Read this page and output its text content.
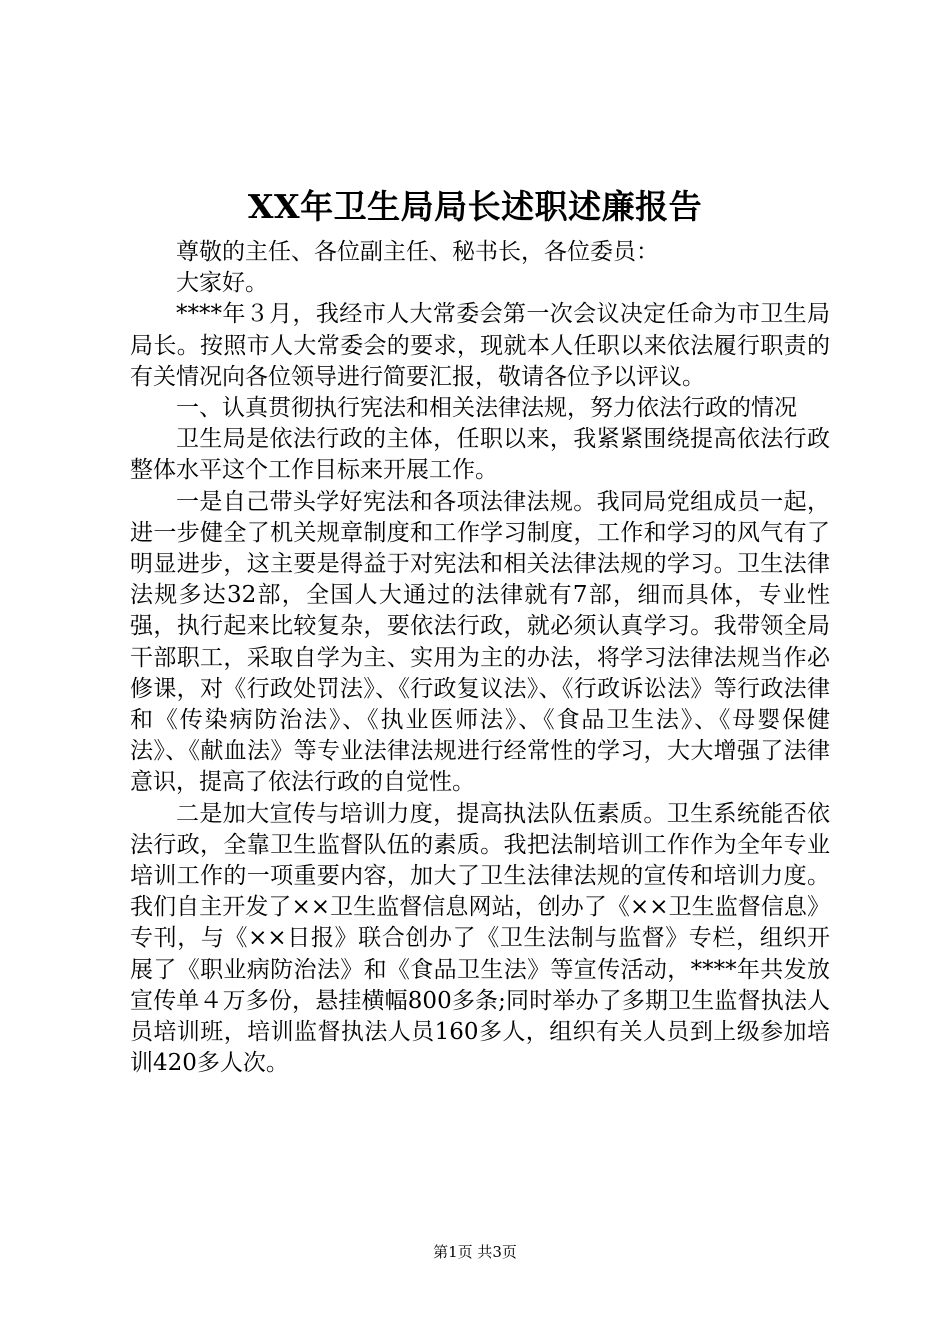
XX年卫生局局长述职述廉报告

尊敬的主任、各位副主任、秘书长，各位委员：

大家好。

****年３月，我经市人大常委会第一次会议决定任命为市卫生局局长。按照市人大常委会的要求，现就本人任职以来依法履行职责的有关情况向各位领导进行简要汇报，敬请各位予以评议。

一、认真贯彻执行宪法和相关法律法规，努力依法行政的情况

卫生局是依法行政的主体，任职以来，我紧紧围绕提高依法行政整体水平这个工作目标来开展工作。

一是自己带头学好宪法和各项法律法规。我同局党组成员一起，进一步健全了机关规章制度和工作学习制度，工作和学习的风气有了明显进步，这主要是得益于对宪法和相关法律法规的学习。卫生法律法规多达32部，全国人大通过的法律就有7部，细而具体，专业性强，执行起来比较复杂，要依法行政，就必须认真学习。我带领全局干部职工，采取自学为主、实用为主的办法，将学习法律法规当作必修课，对《行政处罚法》、《行政复议法》、《行政诉讼法》等行政法律和《传染病防治法》、《执业医师法》、《食品卫生法》、《母婴保健法》、《献血法》等专业法律法规进行经常性的学习，大大增强了法律意识，提高了依法行政的自觉性。

二是加大宣传与培训力度，提高执法队伍素质。卫生系统能否依法行政，全靠卫生监督队伍的素质。我把法制培训工作作为全年专业培训工作的一项重要内容，加大了卫生法律法规的宣传和培训力度。我们自主开发了××卫生监督信息网站，创办了《××卫生监督信息》专刊，与《××日报》联合创办了《卫生法制与监督》专栏，组织开展了《职业病防治法》和《食品卫生法》等宣传活动，****年共发放宣传单４万多份，悬挂横幅800多条;同时举办了多期卫生监督执法人员培训班，培训监督执法人员160多人，组织有关人员到上级参加培训420多人次。

第1页 共3页
